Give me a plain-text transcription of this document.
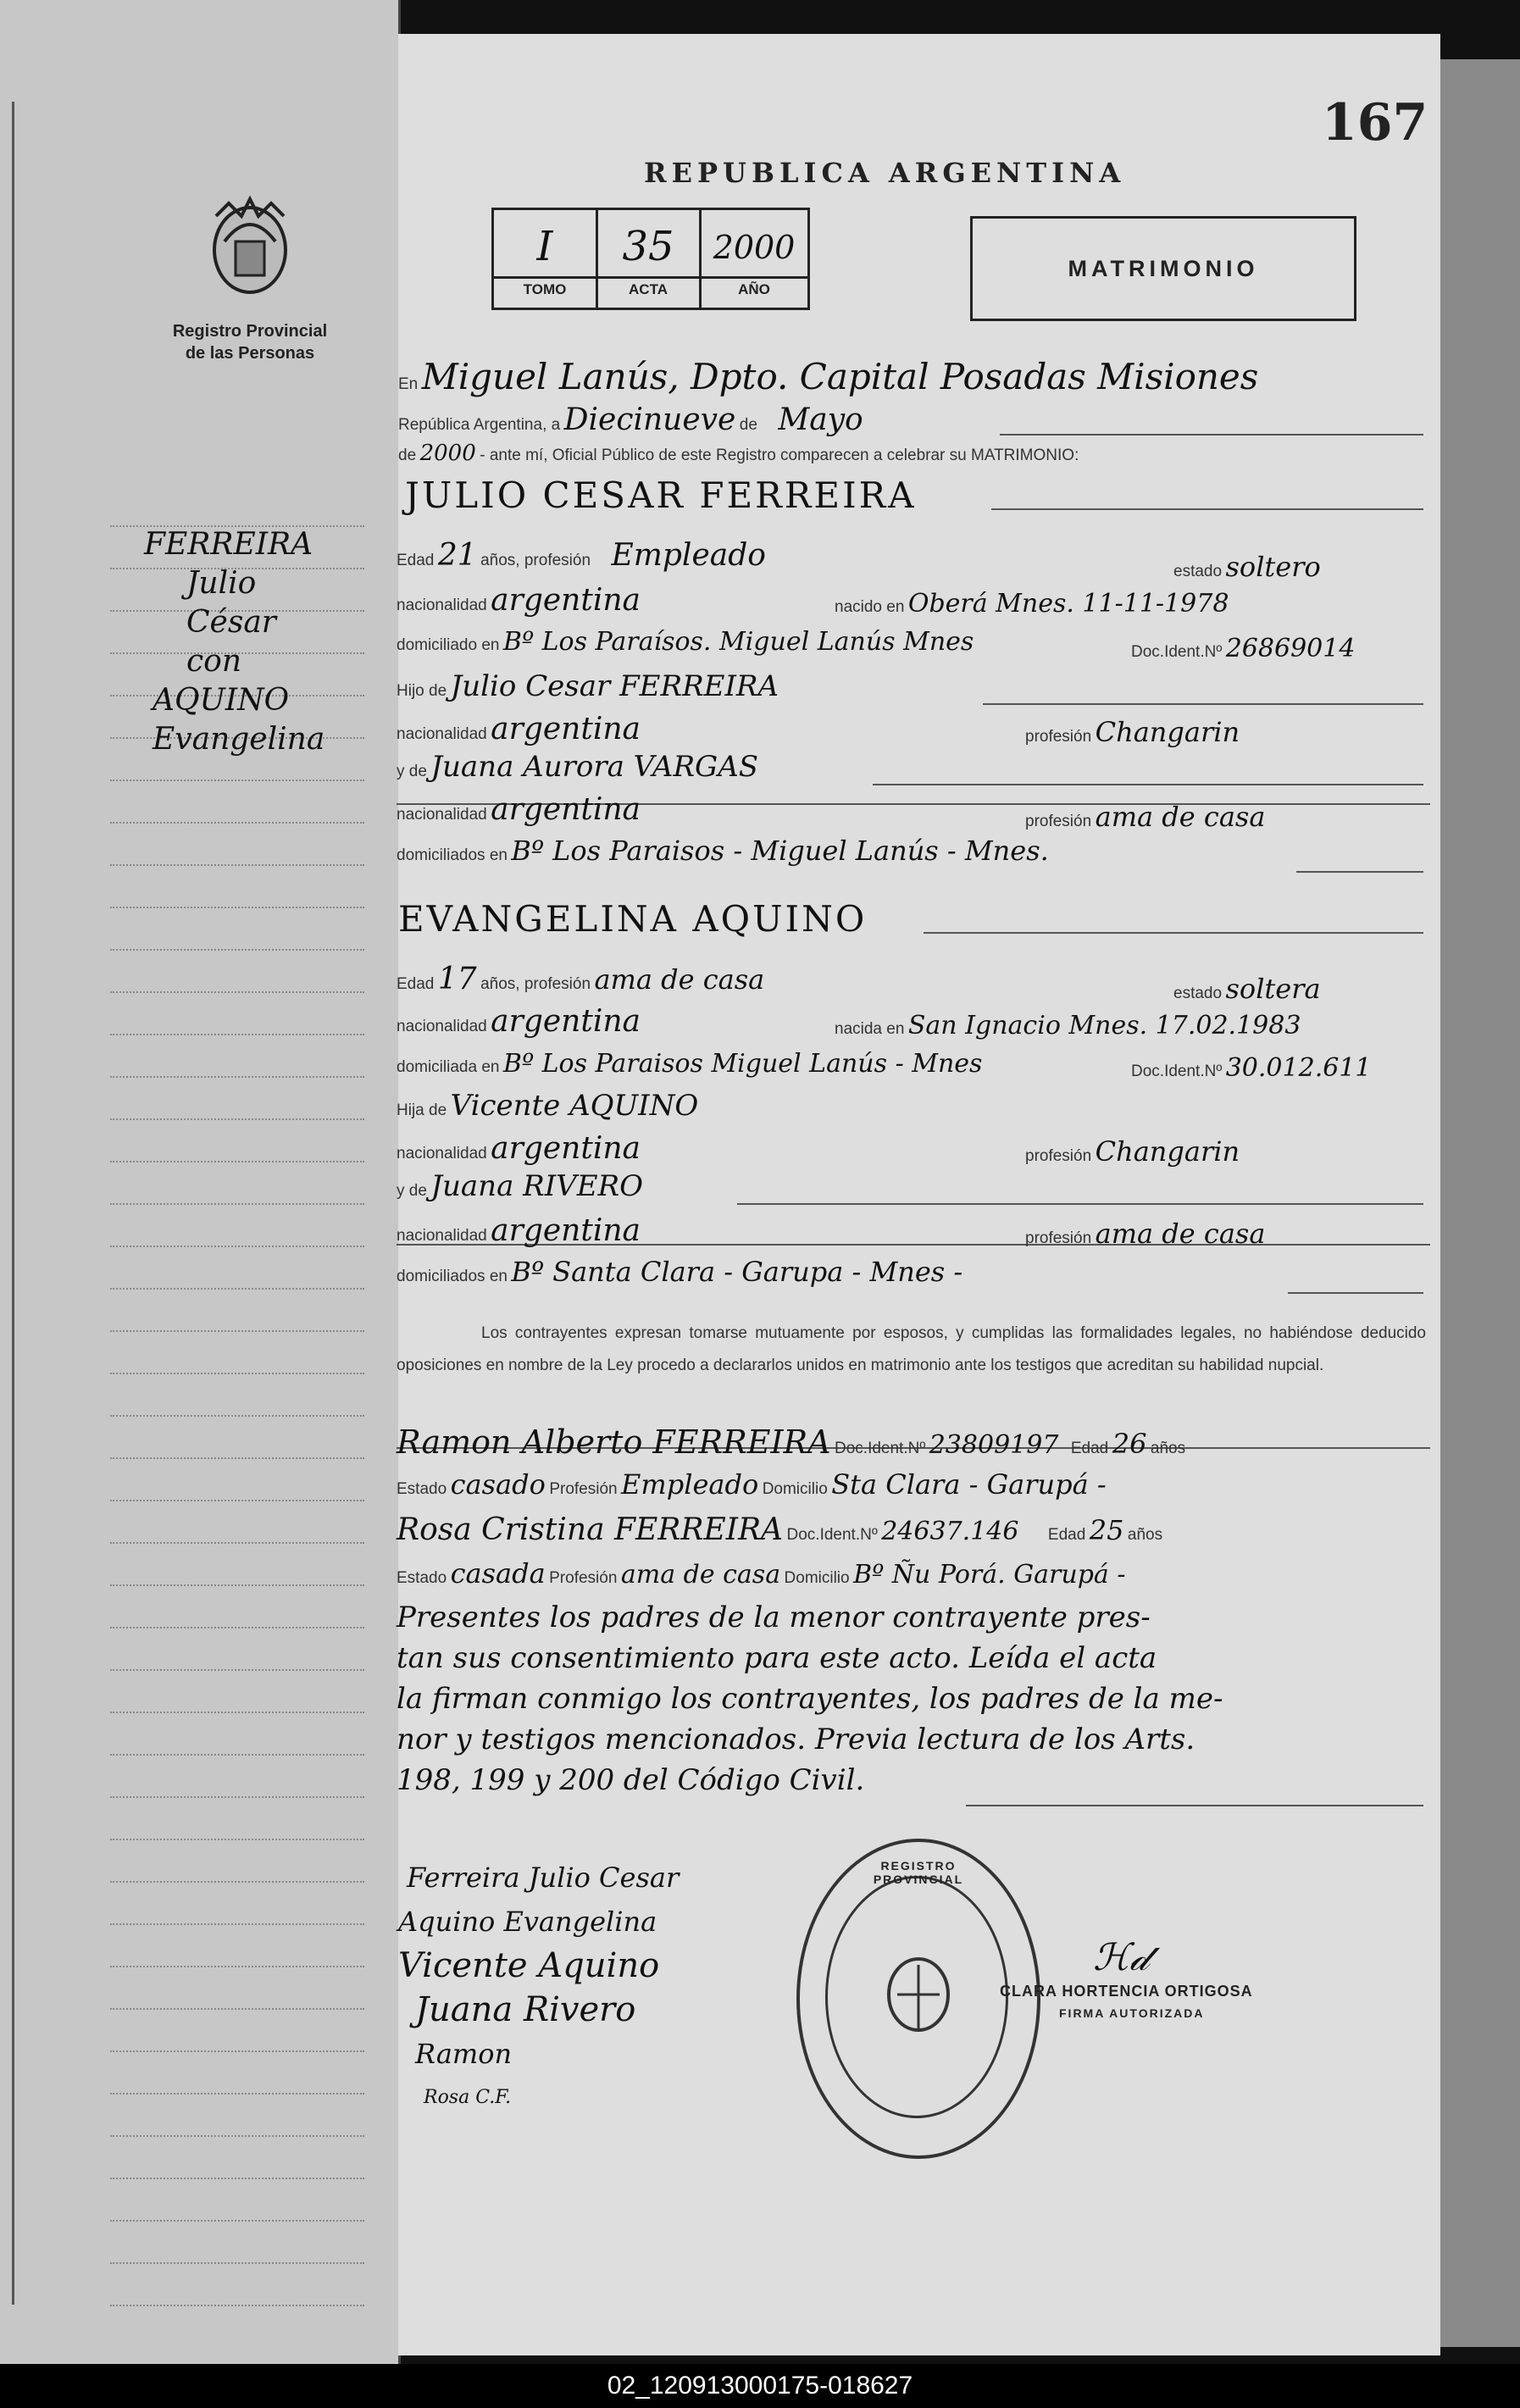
Registro Provincial
de las Personas
FERREIRA
Julio
César
con
AQUINO
Evangelina
167
REPUBLICA ARGENTINA
I	35	2000
TOMO	ACTA	AÑO
MATRIMONIO
En Miguel Lanús, Dpto. Capital Posadas Misiones
República Argentina, a Diecinueve de Mayo
de 2000 - ante mí, Oficial Público de este Registro comparecen a celebrar su MATRIMONIO:
JULIO CESAR FERREIRA
Edad 21 años, profesión Empleado	estado soltero
nacionalidad argentina	nacido en Oberá Mnes. 11-11-1978
domiciliado en Bº Los Paraísos. Miguel Lanús Mnes	Doc.Ident.Nº 26869014
Hijo de Julio Cesar FERREIRA
nacionalidad argentina	profesión Changarin
y de Juana Aurora VARGAS
nacionalidad argentina	profesión ama de casa
domiciliados en Bº Los Paraisos - Miguel Lanús - Mnes.
EVANGELINA AQUINO
Edad 17 años, profesión ama de casa	estado soltera
nacionalidad argentina	nacida en San Ignacio Mnes. 17.02.1983
domiciliada en Bº Los Paraisos Miguel Lanús - Mnes	Doc.Ident.Nº 30.012.611
Hija de Vicente AQUINO
nacionalidad argentina	profesión Changarin
y de Juana RIVERO
nacionalidad argentina	profesión ama de casa
domiciliados en Bº Santa Clara - Garupa - Mnes -
Los contrayentes expresan tomarse mutuamente por esposos, y cumplidas las formalidades legales, no habiéndose deducido oposiciones en nombre de la Ley procedo a declararlos unidos en matrimonio ante los testigos que acreditan su habilidad nupcial.
Ramon Alberto FERREIRA Doc.Ident.Nº 23809197 Edad 26 años
Estado casado Profesión Empleado Domicilio Sta Clara - Garupá -
Rosa Cristina FERREIRA Doc.Ident.Nº 24637.146 Edad 25 años
Estado casada Profesión ama de casa Domicilio Bº Ñu Porá. Garupá -
Presentes los padres de la menor contrayente pres-
tan sus consentimiento para este acto. Leída el acta
la firman conmigo los contrayentes, los padres de la me-
nor y testigos mencionados. Previa lectura de los Arts.
198, 199 y 200 del Código Civil.
Ferreira Julio Cesar
Aquino Evangelina
Vicente Aquino
Juana Rivero
Ramon
Rosa C.F.
REGISTRO PROVINCIAL
ℋ𝒹
CLARA HORTENCIA ORTIGOSA
FIRMA AUTORIZADA
02_120913000175-018627
